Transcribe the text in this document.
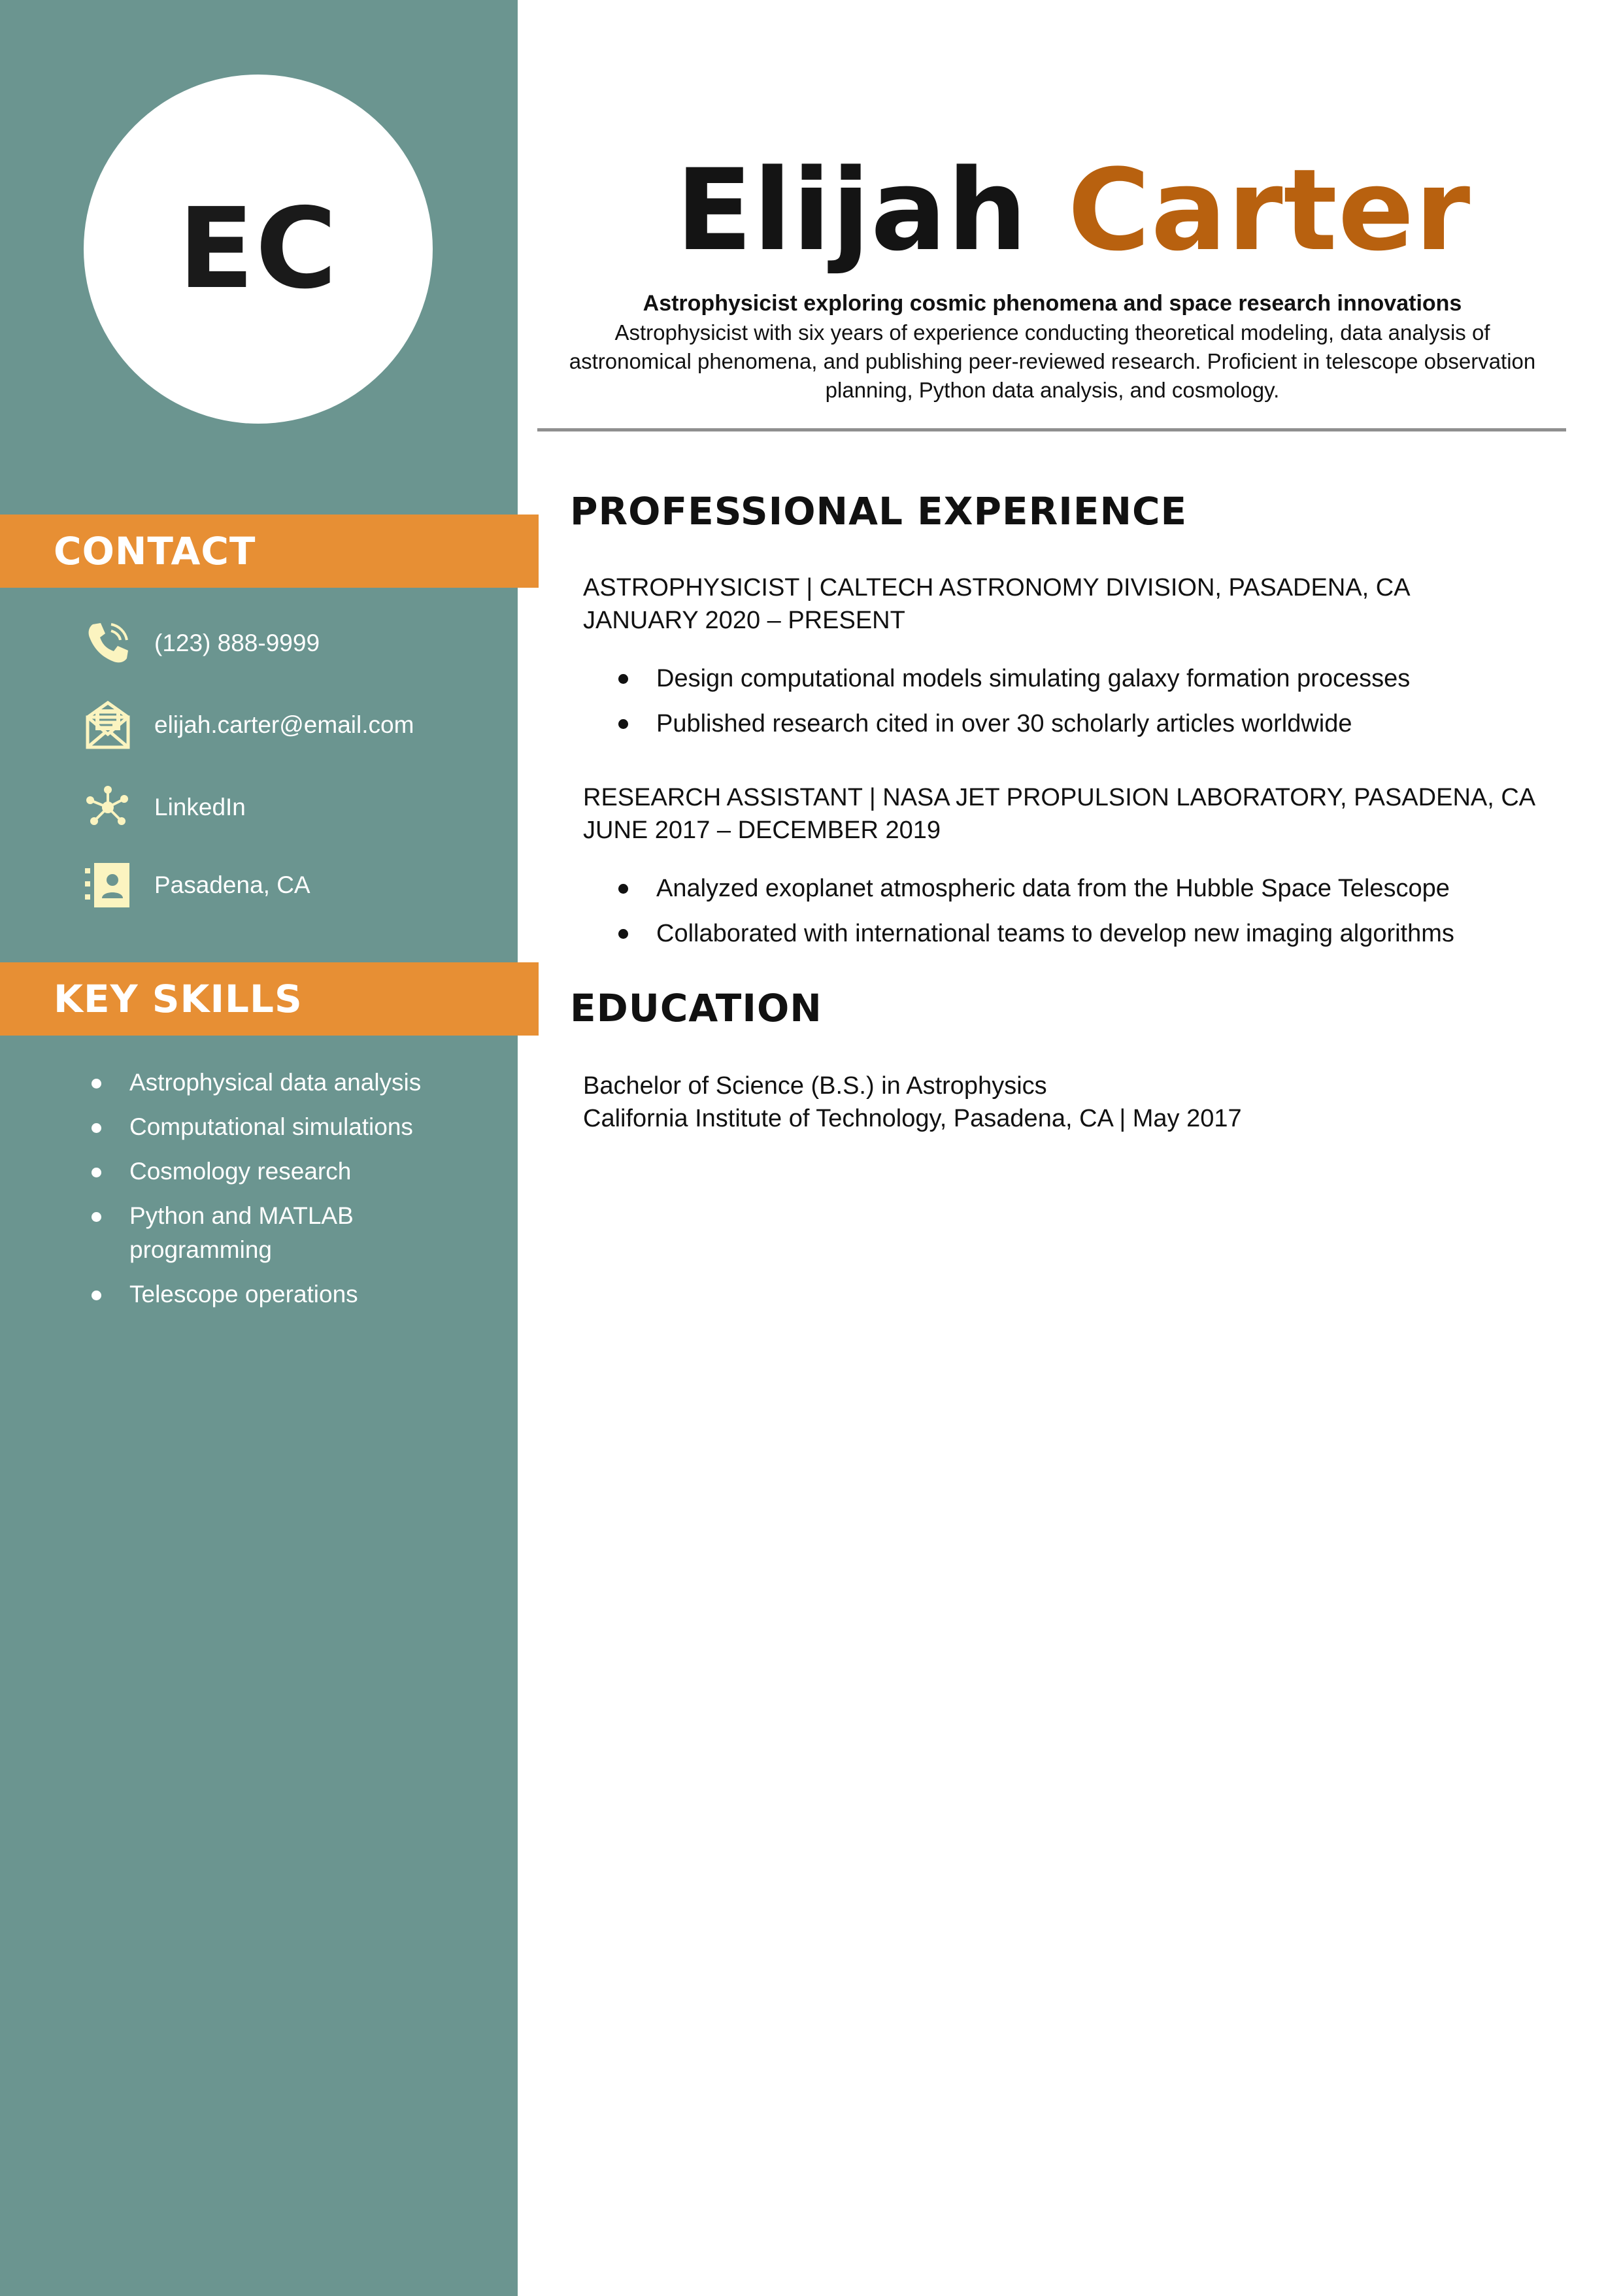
EC
CONTACT
(123) 888-9999
elijah.carter@email.com
LinkedIn
Pasadena, CA
KEY SKILLS
Astrophysical data analysis
Computational simulations
Cosmology research
Python and MATLAB programming
Telescope operations
Elijah Carter
Astrophysicist exploring cosmic phenomena and space research innovations
Astrophysicist with six years of experience conducting theoretical modeling, data analysis of astronomical phenomena, and publishing peer-reviewed research. Proficient in telescope observation planning, Python data analysis, and cosmology.
PROFESSIONAL EXPERIENCE
ASTROPHYSICIST | CALTECH ASTRONOMY DIVISION, PASADENA, CA
JANUARY 2020 – PRESENT
Design computational models simulating galaxy formation processes
Published research cited in over 30 scholarly articles worldwide
RESEARCH ASSISTANT | NASA JET PROPULSION LABORATORY, PASADENA, CA
JUNE 2017 – DECEMBER 2019
Analyzed exoplanet atmospheric data from the Hubble Space Telescope
Collaborated with international teams to develop new imaging algorithms
EDUCATION
Bachelor of Science (B.S.) in Astrophysics
California Institute of Technology, Pasadena, CA | May 2017
